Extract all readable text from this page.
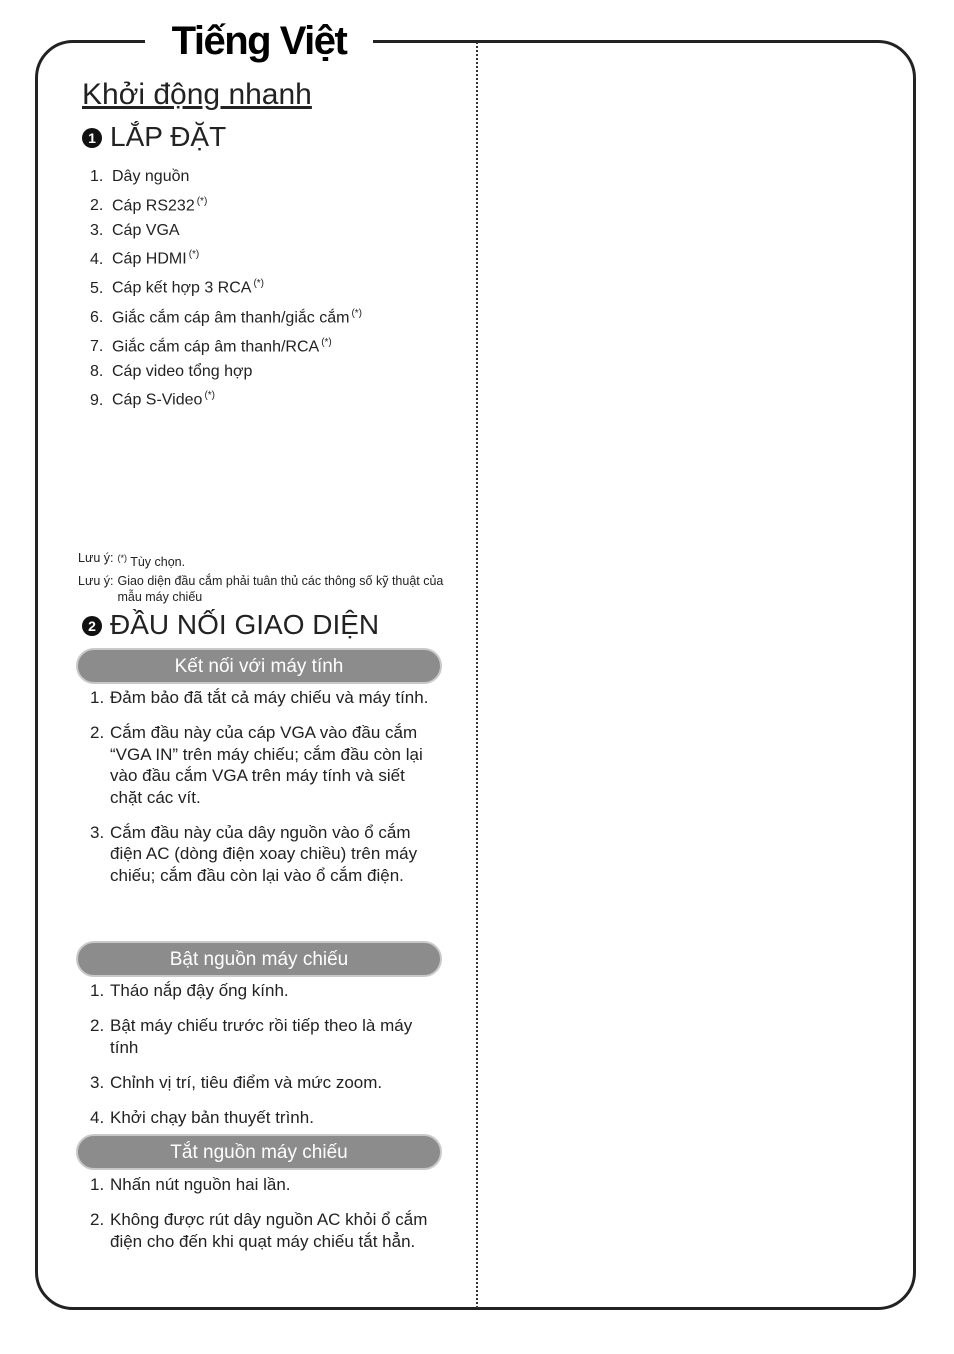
Tiếng Việt
Khởi động nhanh
1 LẮP ĐẶT
1. Dây nguồn
2. Cáp RS232 (*)
3. Cáp VGA
4. Cáp HDMI (*)
5. Cáp kết hợp 3 RCA (*)
6. Giắc cắm cáp âm thanh/giắc cắm (*)
7. Giắc cắm cáp âm thanh/RCA (*)
8. Cáp video tổng hợp
9. Cáp S-Video (*)
Lưu ý: (*) Tùy chọn.
Lưu ý: Giao diện đầu cắm phải tuân thủ các thông số kỹ thuật của mẫu máy chiếu
2 ĐẦU NỐI GIAO DIỆN
Kết nối với máy tính
1. Đảm bảo đã tắt cả máy chiếu và máy tính.
2. Cắm đầu này của cáp VGA vào đầu cắm “VGA IN” trên máy chiếu; cắm đầu còn lại vào đầu cắm VGA trên máy tính và siết chặt các vít.
3. Cắm đầu này của dây nguồn vào ổ cắm điện AC (dòng điện xoay chiều) trên máy chiếu; cắm đầu còn lại vào ổ cắm điện.
Bật nguồn máy chiếu
1. Tháo nắp đậy ống kính.
2. Bật máy chiếu trước rồi tiếp theo là máy tính
3. Chỉnh vị trí, tiêu điểm và mức zoom.
4. Khởi chạy bản thuyết trình.
Tắt nguồn máy chiếu
1. Nhấn nút nguồn hai lần.
2. Không được rút dây nguồn AC khỏi ổ cắm điện cho đến khi quạt máy chiếu tắt hẳn.
